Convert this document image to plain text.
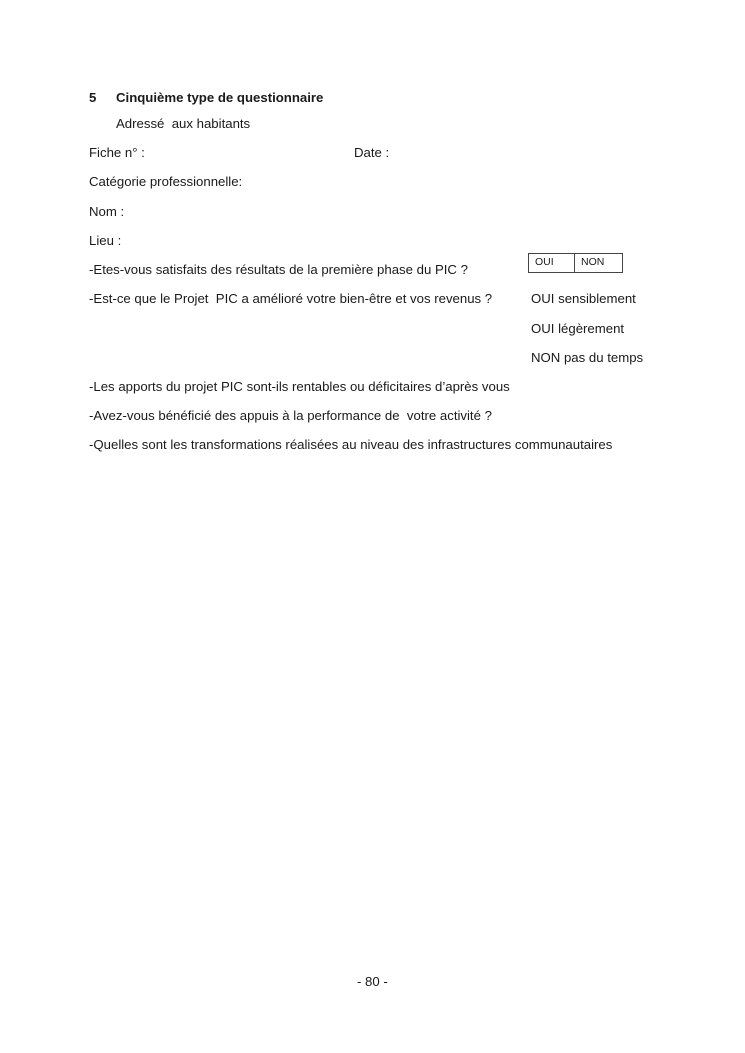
5 Cinquième type de questionnaire
Adressé  aux habitants
Fiche n° :	Date :
Catégorie professionnelle:
Nom :
Lieu :
-Etes-vous satisfaits des résultats de la première phase du PIC ?	OUI	NON
-Est-ce que le Projet  PIC a amélioré votre bien-être et vos revenus ?	OUI sensiblement
OUI légèrement
NON pas du temps
-Les apports du projet PIC sont-ils rentables ou déficitaires d’après vous
-Avez-vous bénéficié des appuis à la performance de  votre activité ?
-Quelles sont les transformations réalisées au niveau des infrastructures communautaires
- 80 -
